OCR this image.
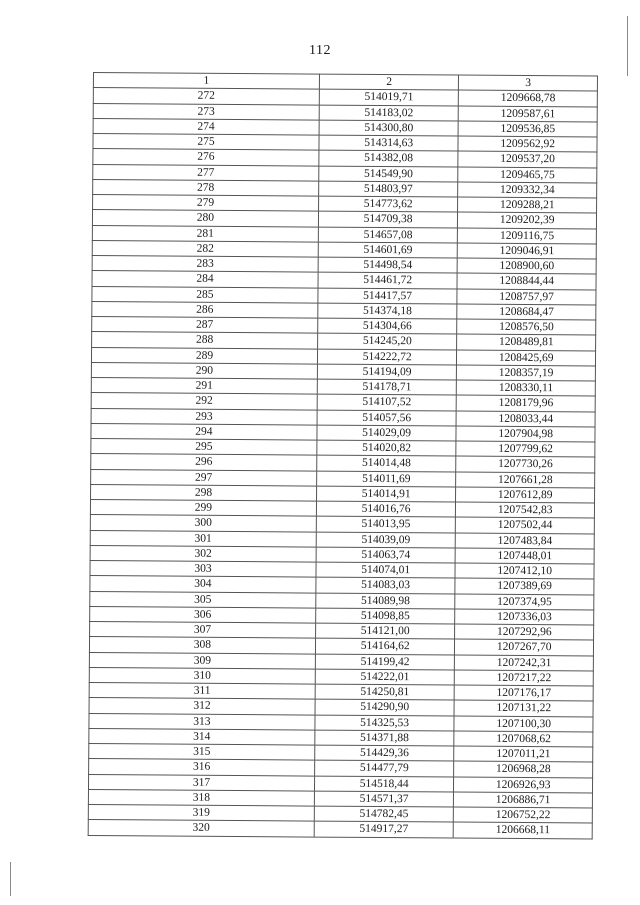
112
1	2	3
272	514019,71	1209668,78
273	514183,02	1209587,61
274	514300,80	1209536,85
275	514314,63	1209562,92
276	514382,08	1209537,20
277	514549,90	1209465,75
278	514803,97	1209332,34
279	514773,62	1209288,21
280	514709,38	1209202,39
281	514657,08	1209116,75
282	514601,69	1209046,91
283	514498,54	1208900,60
284	514461,72	1208844,44
285	514417,57	1208757,97
286	514374,18	1208684,47
287	514304,66	1208576,50
288	514245,20	1208489,81
289	514222,72	1208425,69
290	514194,09	1208357,19
291	514178,71	1208330,11
292	514107,52	1208179,96
293	514057,56	1208033,44
294	514029,09	1207904,98
295	514020,82	1207799,62
296	514014,48	1207730,26
297	514011,69	1207661,28
298	514014,91	1207612,89
299	514016,76	1207542,83
300	514013,95	1207502,44
301	514039,09	1207483,84
302	514063,74	1207448,01
303	514074,01	1207412,10
304	514083,03	1207389,69
305	514089,98	1207374,95
306	514098,85	1207336,03
307	514121,00	1207292,96
308	514164,62	1207267,70
309	514199,42	1207242,31
310	514222,01	1207217,22
311	514250,81	1207176,17
312	514290,90	1207131,22
313	514325,53	1207100,30
314	514371,88	1207068,62
315	514429,36	1207011,21
316	514477,79	1206968,28
317	514518,44	1206926,93
318	514571,37	1206886,71
319	514782,45	1206752,22
320	514917,27	1206668,11
